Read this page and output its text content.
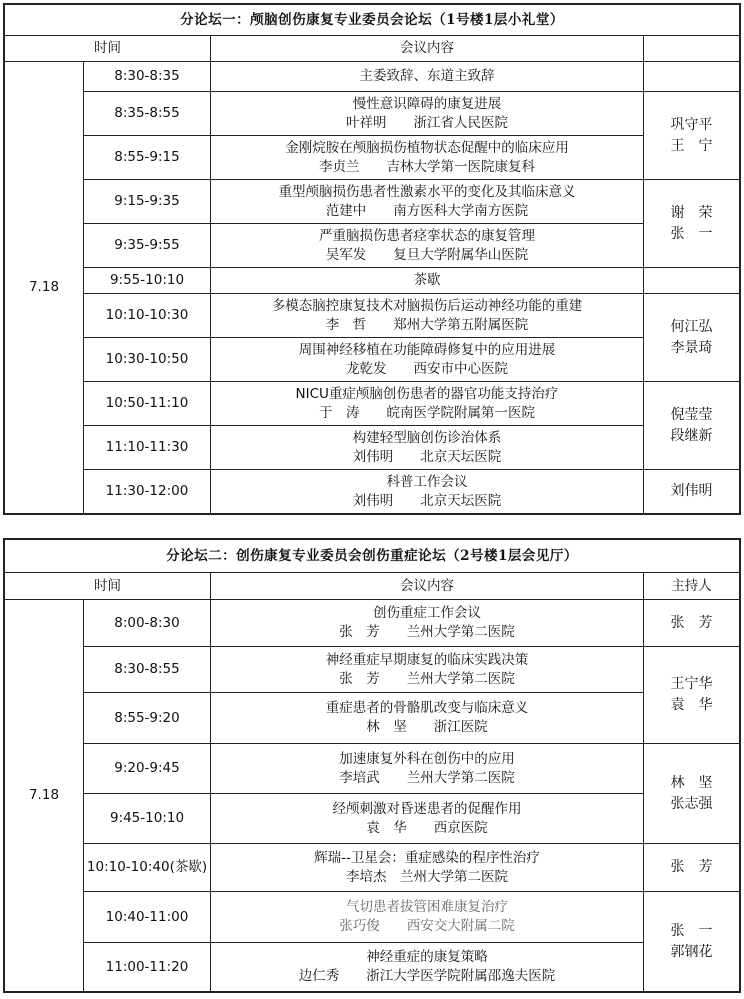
分论坛一：颅脑创伤康复专业委员会论坛（1号楼1层小礼堂）			
时间		会议内容	
7.18	8:30-8:35	主委致辞、东道主致辞	

	8:35-8:55	慢性意识障碍的康复进展
叶祥明　　浙江省人民医院	巩守平
王　宁

	8:55-9:15	金刚烷胺在颅脑损伤植物状态促醒中的临床应用
李贞兰　　吉林大学第一医院康复科	

	9:15-9:35	重型颅脑损伤患者性激素水平的变化及其临床意义
范建中　　南方医科大学南方医院	谢　荣
张　一

	9:35-9:55	严重脑损伤患者痉挛状态的康复管理
吴军发　　复旦大学附属华山医院	

	9:55-10:10	茶歇	

	10:10-10:30	多模态脑控康复技术对脑损伤后运动神经功能的重建
李　哲　　郑州大学第五附属医院	何江弘
李景琦

	10:30-10:50	周围神经移植在功能障碍修复中的应用进展
龙乾发　　西安市中心医院	

	10:50-11:10	NICU重症颅脑创伤患者的器官功能支持治疗
于　涛　　皖南医学院附属第一医院	倪莹莹
段继新

	11:10-11:30	构建轻型脑创伤诊治体系
刘伟明　　北京天坛医院	

	11:30-12:00	科普工作会议
刘伟明　　北京天坛医院	刘伟明
分论坛二：创伤康复专业委员会创伤重症论坛（2号楼1层会见厅）			
时间		会议内容	主持人
7.18	8:00-8:30	创伤重症工作会议
张　芳　　兰州大学第二医院	张　芳

	8:30-8:55	神经重症早期康复的临床实践决策
张　芳　　兰州大学第二医院	王宁华
袁　华

	8:55-9:20	重症患者的骨骼肌改变与临床意义
林　坚　　浙江医院	

	9:20-9:45	加速康复外科在创伤中的应用
李培武　　兰州大学第二医院	林　坚
张志强

	9:45-10:10	经颅刺激对昏迷患者的促醒作用
袁　华　　西京医院	

	10:10-10:40(茶歇)	辉瑞--卫星会：重症感染的程序性治疗
李培杰　兰州大学第二医院	张　芳

	10:40-11:00	气切患者拔管困难康复治疗
张巧俊　　西安交大附属二院	张　一
郭钢花

	11:00-11:20	神经重症的康复策略
边仁秀　　浙江大学医学院附属邵逸夫医院	
